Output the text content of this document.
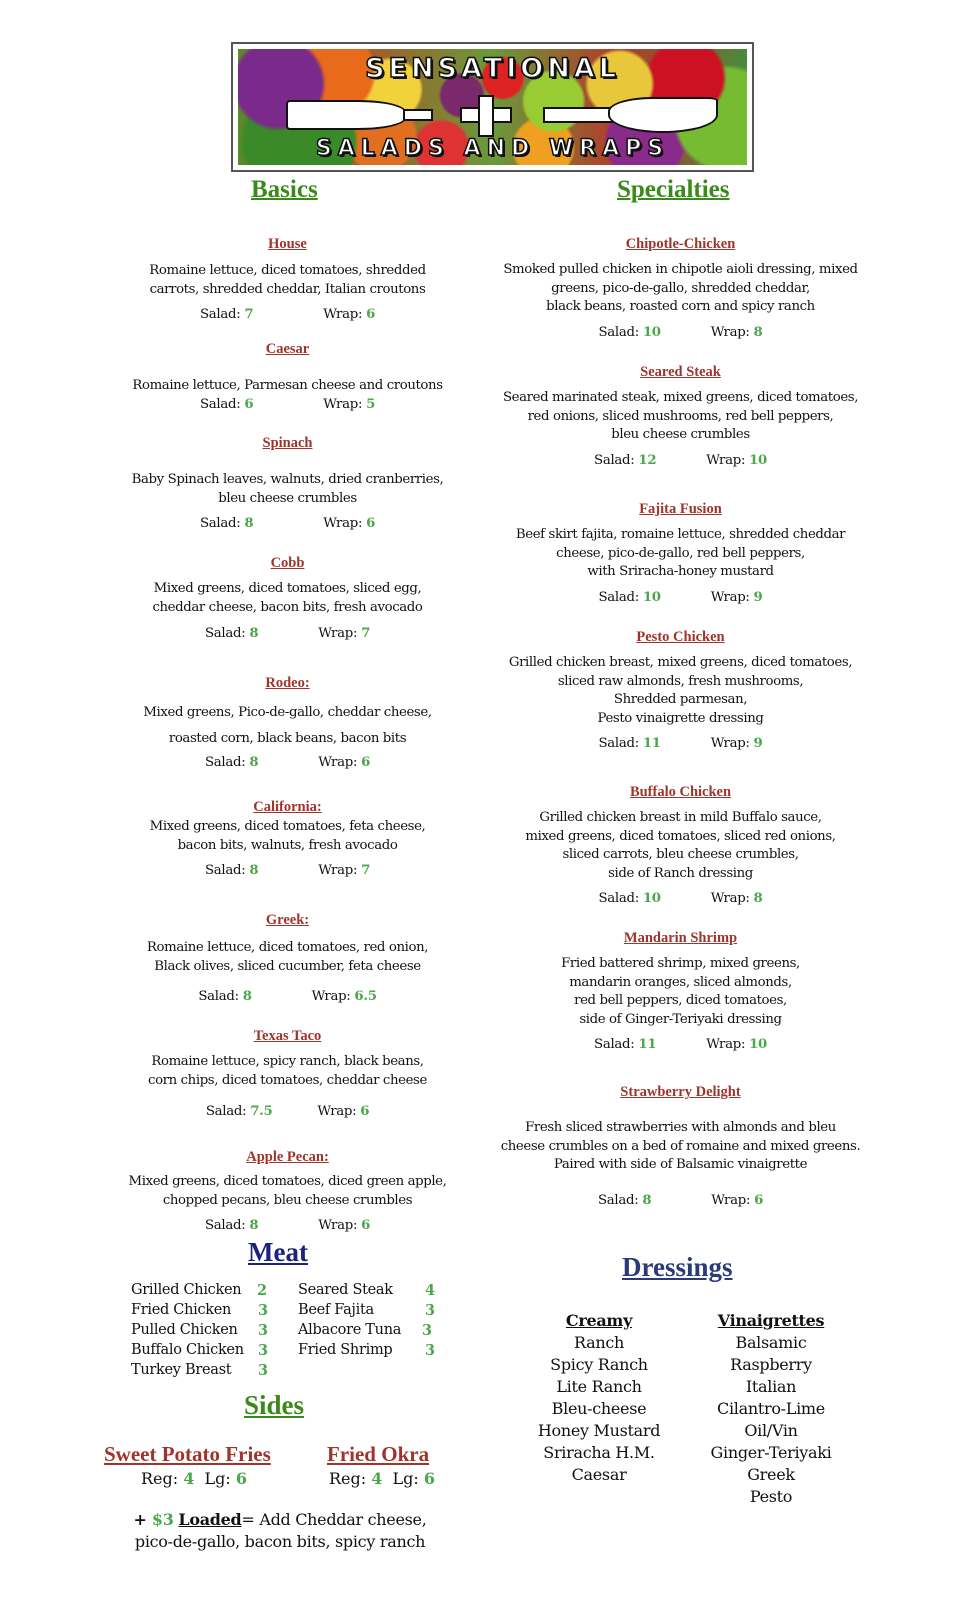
SENSATIONAL
SALADS AND WRAPS
Basics	Specialties
House
Romaine lettuce, diced tomatoes, shredded
carrots, shredded cheddar, Italian croutons
Salad: 7	Wrap: 6
Caesar
Romaine lettuce, Parmesan cheese and croutons
Salad: 6	Wrap: 5
Spinach
Baby Spinach leaves, walnuts, dried cranberries,
bleu cheese crumbles
Salad: 8	Wrap: 6
Cobb
Mixed greens, diced tomatoes, sliced egg,
cheddar cheese, bacon bits, fresh avocado
Salad: 8	Wrap: 7
Rodeo:
Mixed greens, Pico-de-gallo, cheddar cheese,
roasted corn, black beans, bacon bits
Salad: 8	Wrap: 6
California:
Mixed greens, diced tomatoes, feta cheese,
bacon bits, walnuts, fresh avocado
Salad: 8	Wrap: 7
Greek:
Romaine lettuce, diced tomatoes, red onion,
Black olives, sliced cucumber, feta cheese
Salad: 8	Wrap: 6.5
Texas Taco
Romaine lettuce, spicy ranch, black beans,
corn chips, diced tomatoes, cheddar cheese
Salad: 7.5	Wrap: 6
Apple Pecan:
Mixed greens, diced tomatoes, diced green apple,
chopped pecans, bleu cheese crumbles
Salad: 8	Wrap: 6
Chipotle-Chicken
Smoked pulled chicken in chipotle aioli dressing, mixed
greens, pico-de-gallo, shredded cheddar,
black beans, roasted corn and spicy ranch
Salad: 10	Wrap: 8
Seared Steak
Seared marinated steak, mixed greens, diced tomatoes,
red onions, sliced mushrooms, red bell peppers,
bleu cheese crumbles
Salad: 12	Wrap: 10
Fajita Fusion
Beef skirt fajita, romaine lettuce, shredded cheddar
cheese, pico-de-gallo, red bell peppers,
with Sriracha-honey mustard
Salad: 10	Wrap: 9
Pesto Chicken
Grilled chicken breast, mixed greens, diced tomatoes,
sliced raw almonds, fresh mushrooms,
Shredded parmesan,
Pesto vinaigrette dressing
Salad: 11	Wrap: 9
Buffalo Chicken
Grilled chicken breast in mild Buffalo sauce,
mixed greens, diced tomatoes, sliced red onions,
sliced carrots, bleu cheese crumbles,
side of Ranch dressing
Salad: 10	Wrap: 8
Mandarin Shrimp
Fried battered shrimp, mixed greens,
mandarin oranges, sliced almonds,
red bell peppers, diced tomatoes,
side of Ginger-Teriyaki dressing
Salad: 11	Wrap: 10
Strawberry Delight
Fresh sliced strawberries with almonds and bleu
cheese crumbles on a bed of romaine and mixed greens.
Paired with side of Balsamic vinaigrette
Salad: 8	Wrap: 6
Meat
Grilled Chicken 2
Fried Chicken 3
Pulled Chicken 3
Buffalo Chicken 3
Turkey Breast 3
Seared Steak 4
Beef Fajita	3
Albacore Tuna 3
Fried Shrimp 3
Sides
Sweet Potato Fries
Reg: 4 Lg: 6
Fried Okra
Reg: 4 Lg: 6
+ $3 Loaded= Add Cheddar cheese,
pico-de-gallo, bacon bits, spicy ranch
Dressings
Creamy
Ranch
Spicy Ranch
Lite Ranch
Bleu-cheese
Honey Mustard
Sriracha H.M.
Caesar
Vinaigrettes
Balsamic
Raspberry
Italian
Cilantro-Lime
Oil/Vin
Ginger-Teriyaki
Greek
Pesto
